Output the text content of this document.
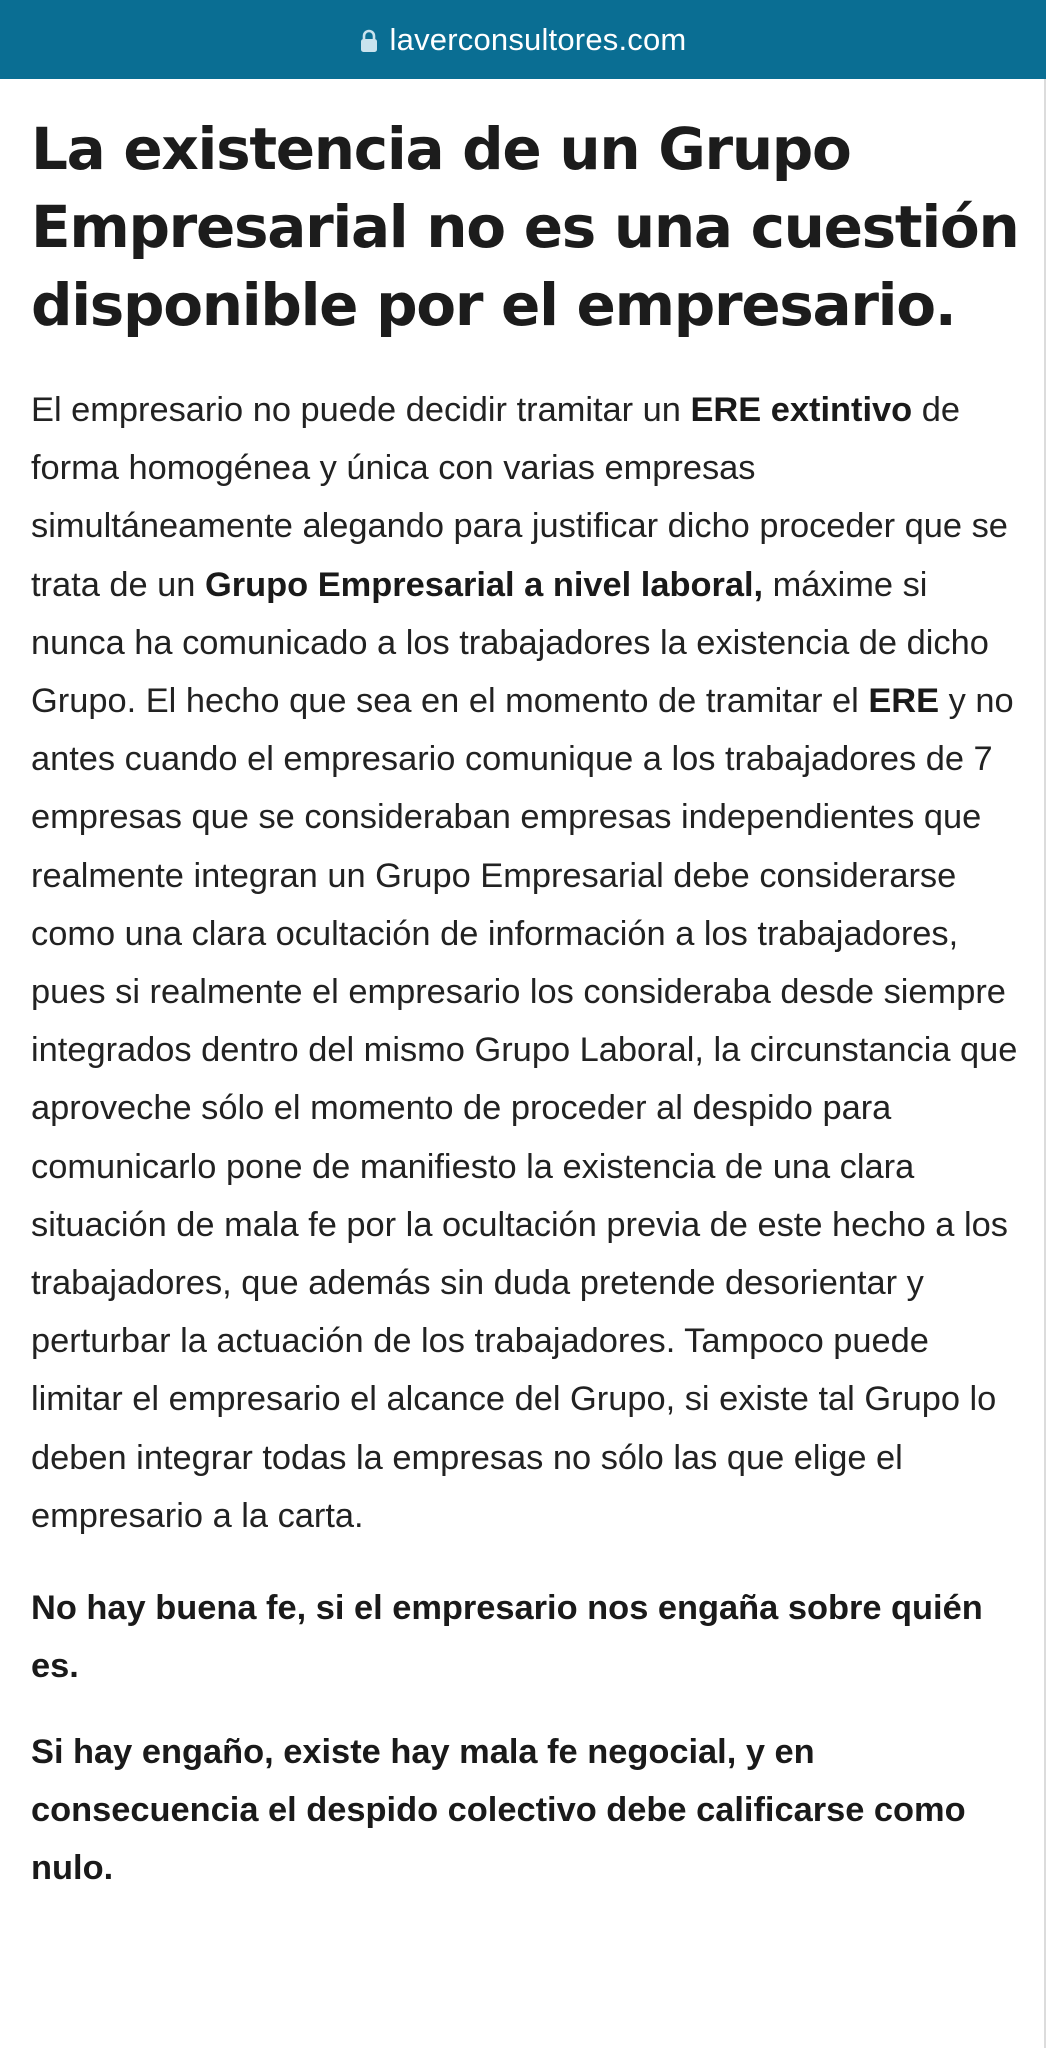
laverconsultores.com
La existencia de un Grupo Empresarial no es una cuestión disponible por el empresario.

El empresario no puede decidir tramitar un ERE extintivo de forma homogénea y única con varias empresas simultáneamente alegando para justificar dicho proceder que se trata de un Grupo Empresarial a nivel laboral, máxime si nunca ha comunicado a los trabajadores la existencia de dicho Grupo. El hecho que sea en el momento de tramitar el ERE y no antes cuando el empresario comunique a los trabajadores de 7 empresas que se consideraban empresas independientes que realmente integran un Grupo Empresarial debe considerarse como una clara ocultación de información a los trabajadores, pues si realmente el empresario los consideraba desde siempre integrados dentro del mismo Grupo Laboral, la circunstancia que aproveche sólo el momento de proceder al despido para comunicarlo pone de manifiesto la existencia de una clara situación de mala fe por la ocultación previa de este hecho a los trabajadores, que además sin duda pretende desorientar y perturbar la actuación de los trabajadores. Tampoco puede limitar el empresario el alcance del Grupo, si existe tal Grupo lo deben integrar todas la empresas no sólo las que elige el empresario a la carta.

No hay buena fe, si el empresario nos engaña sobre quién es.

Si hay engaño, existe hay mala fe negocial, y en consecuencia el despido colectivo debe calificarse como nulo.
